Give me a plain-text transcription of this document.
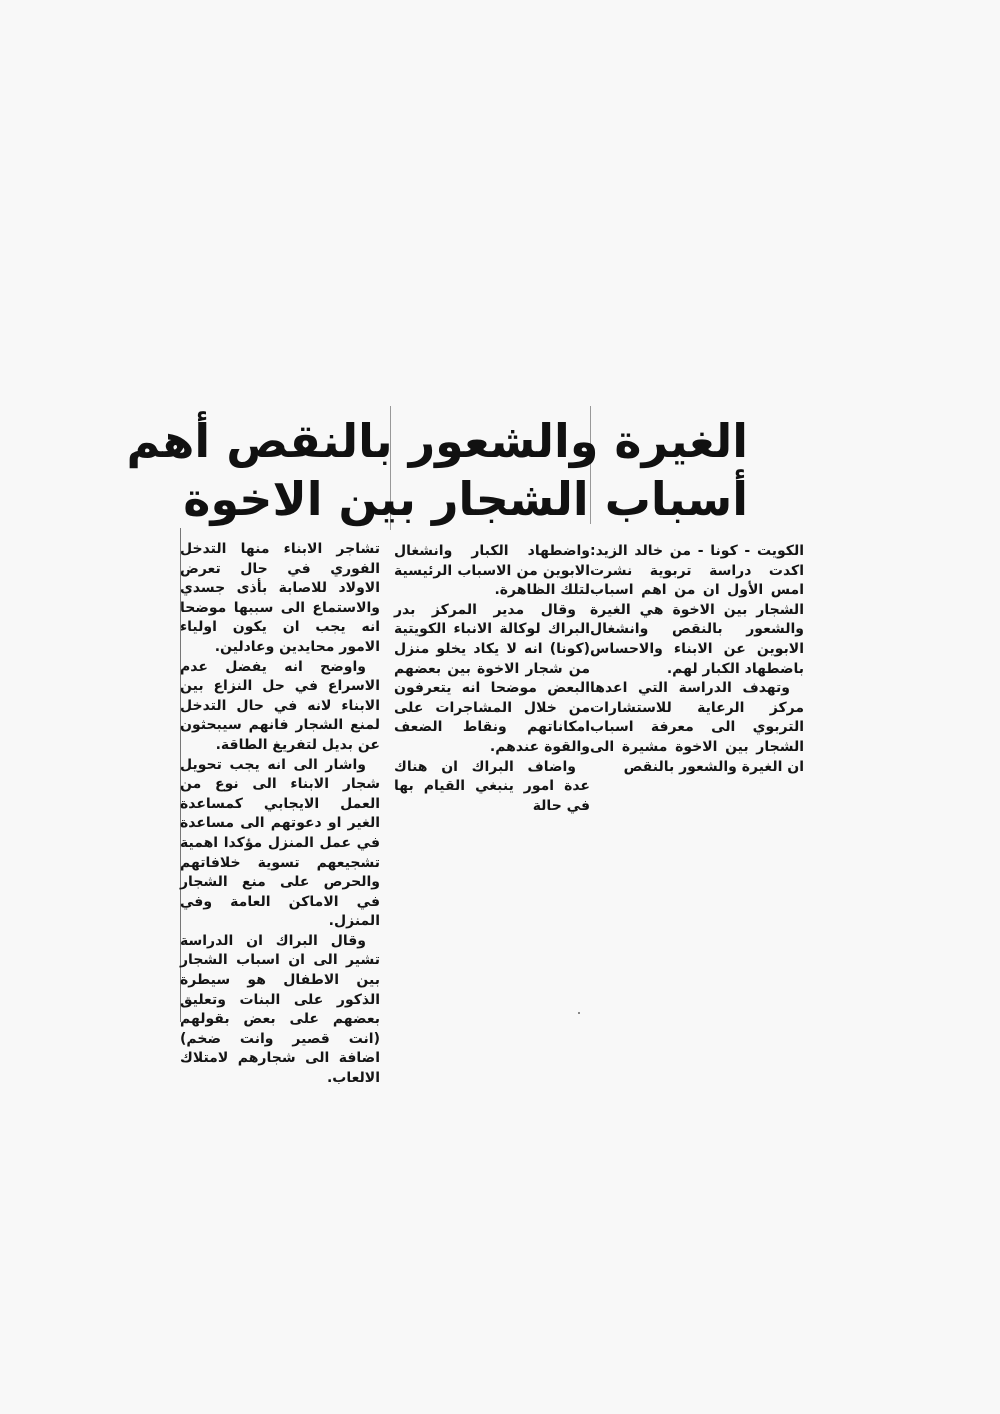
الغيرة والشعور بالنقص أهم
أسباب الشجار بين الاخوة

الكويت - كونا - من خالد الزيد: اكدت دراسة تربوية نشرت امس الأول ان من اهم اسباب الشجار بين الاخوة هي الغيرة والشعور بالنقص وانشغال الابوين عن الابناء والاحساس باضطهاد الكبار لهم.

وتهدف الدراسة التي اعدها مركز الرعاية للاستشارات التربوي الى معرفة اسباب الشجار بين الاخوة مشيرة الى ان الغيرة والشعور بالنقص

واضطهاد الكبار وانشغال الابوين من الاسباب الرئيسية لتلك الظاهرة.

وقال مدير المركز بدر البراك لوكالة الانباء الكويتية (كونا) انه لا يكاد يخلو منزل من شجار الاخوة بين بعضهم البعض موضحا انه يتعرفون من خلال المشاجرات على امكاناتهم ونقاط الضعف والقوة عندهم.

واضاف البراك ان هناك عدة امور ينبغي القيام بها في حالة

تشاجر الابناء منها التدخل الفوري في حال تعرض الاولاد للاصابة بأذى جسدي والاستماع الى سببها موضحا انه يجب ان يكون اولياء الامور محايدين وعادلين.

واوضح انه يفضل عدم الاسراع في حل النزاع بين الابناء لانه في حال التدخل لمنع الشجار فانهم سيبحثون عن بديل لتفريغ الطاقة.

واشار الى انه يجب تحويل شجار الابناء الى نوع من العمل الايجابي كمساعدة الغير او دعوتهم الى مساعدة في عمل المنزل مؤكدا اهمية تشجيعهم تسوية خلافاتهم والحرص على منع الشجار في الاماكن العامة وفي المنزل.

وقال البراك ان الدراسة تشير الى ان اسباب الشجار بين الاطفال هو سيطرة الذكور على البنات وتعليق بعضهم على بعض بقولهم (انت قصير وانت ضخم) اضافة الى شجارهم لامتلاك الالعاب.
